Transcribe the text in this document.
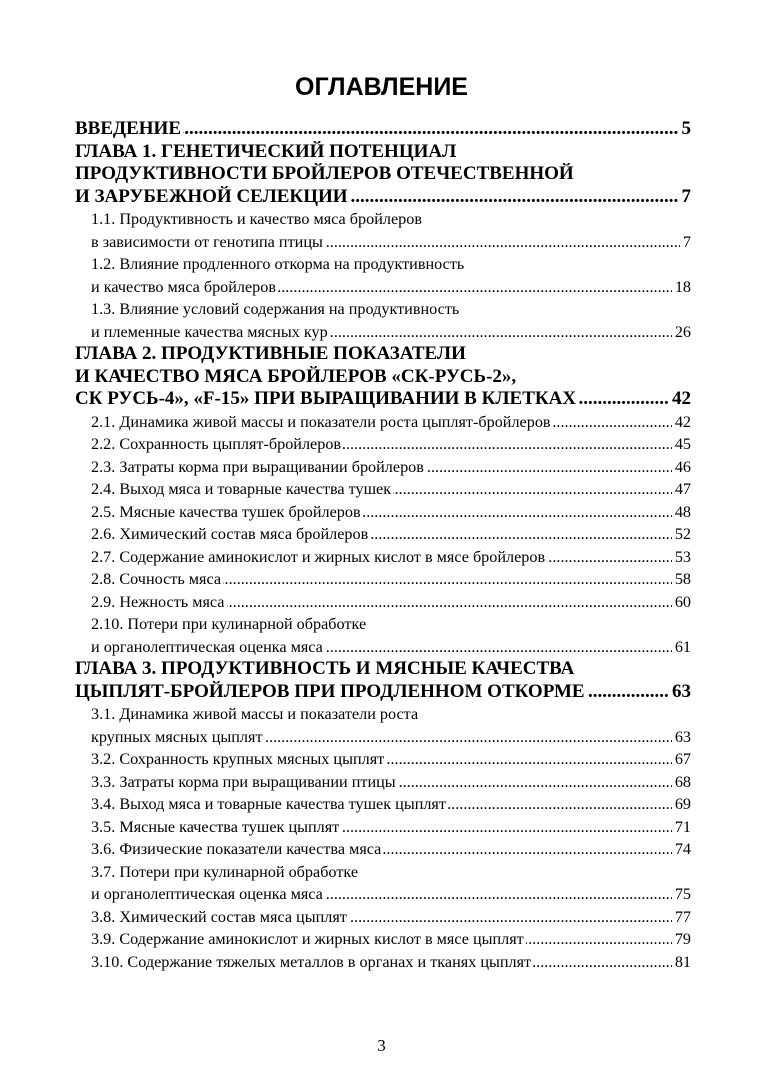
ОГЛАВЛЕНИЕ
ВВЕДЕНИЕ	5
.....
ГЛАВА 1. ГЕНЕТИЧЕСКИЙ ПОТЕНЦИАЛ
ПРОДУКТИВНОСТИ БРОЙЛЕРОВ ОТЕЧЕСТВЕННОЙ
И ЗАРУБЕЖНОЙ СЕЛЕКЦИИ	7
.....
1.1. Продуктивность и качество мяса бройлеров
в зависимости от генотипа птицы	7
.....
1.2. Влияние продленного откорма на продуктивность
и качество мяса бройлеров	18
.....
1.3. Влияние условий содержания на продуктивность
и племенные качества мясных кур	26
.....
ГЛАВА 2. ПРОДУКТИВНЫЕ ПОКАЗАТЕЛИ
И КАЧЕСТВО МЯСА БРОЙЛЕРОВ «СК-РУСЬ-2»,
СК РУСЬ-4», «F-15» ПРИ ВЫРАЩИВАНИИ В КЛЕТКАХ	42
.....
2.1. Динамика живой массы и показатели роста цыплят-бройлеров	42
.....
2.2. Сохранность цыплят-бройлеров	45
.....
2.3. Затраты корма при выращивании бройлеров	46
.....
2.4. Выход мяса и товарные качества тушек	47
.....
2.5. Мясные качества тушек бройлеров	48
.....
2.6. Химический состав мяса бройлеров	52
.....
2.7. Содержание аминокислот и жирных кислот в мясе бройлеров	53
.....
2.8. Сочность мяса	58
.....
2.9. Нежность мяса	60
.....
2.10. Потери при кулинарной обработке
и органолептическая оценка мяса	61
.....
ГЛАВА 3. ПРОДУКТИВНОСТЬ И МЯСНЫЕ КАЧЕСТВА
ЦЫПЛЯТ-БРОЙЛЕРОВ ПРИ ПРОДЛЕННОМ ОТКОРМЕ	63
.....
3.1. Динамика живой массы и показатели роста
крупных мясных цыплят	63
.....
3.2. Сохранность крупных мясных цыплят	67
.....
3.3. Затраты корма при выращивании птицы	68
.....
3.4. Выход мяса и товарные качества тушек цыплят	69
.....
3.5. Мясные качества тушек цыплят	71
.....
3.6. Физические показатели качества мяса	74
.....
3.7. Потери при кулинарной обработке
и органолептическая оценка мяса	75
.....
3.8. Химический состав мяса цыплят	77
.....
3.9. Содержание аминокислот и жирных кислот в мясе цыплят	79
.....
3.10. Содержание тяжелых металлов в органах и тканях цыплят	81
.....
3
